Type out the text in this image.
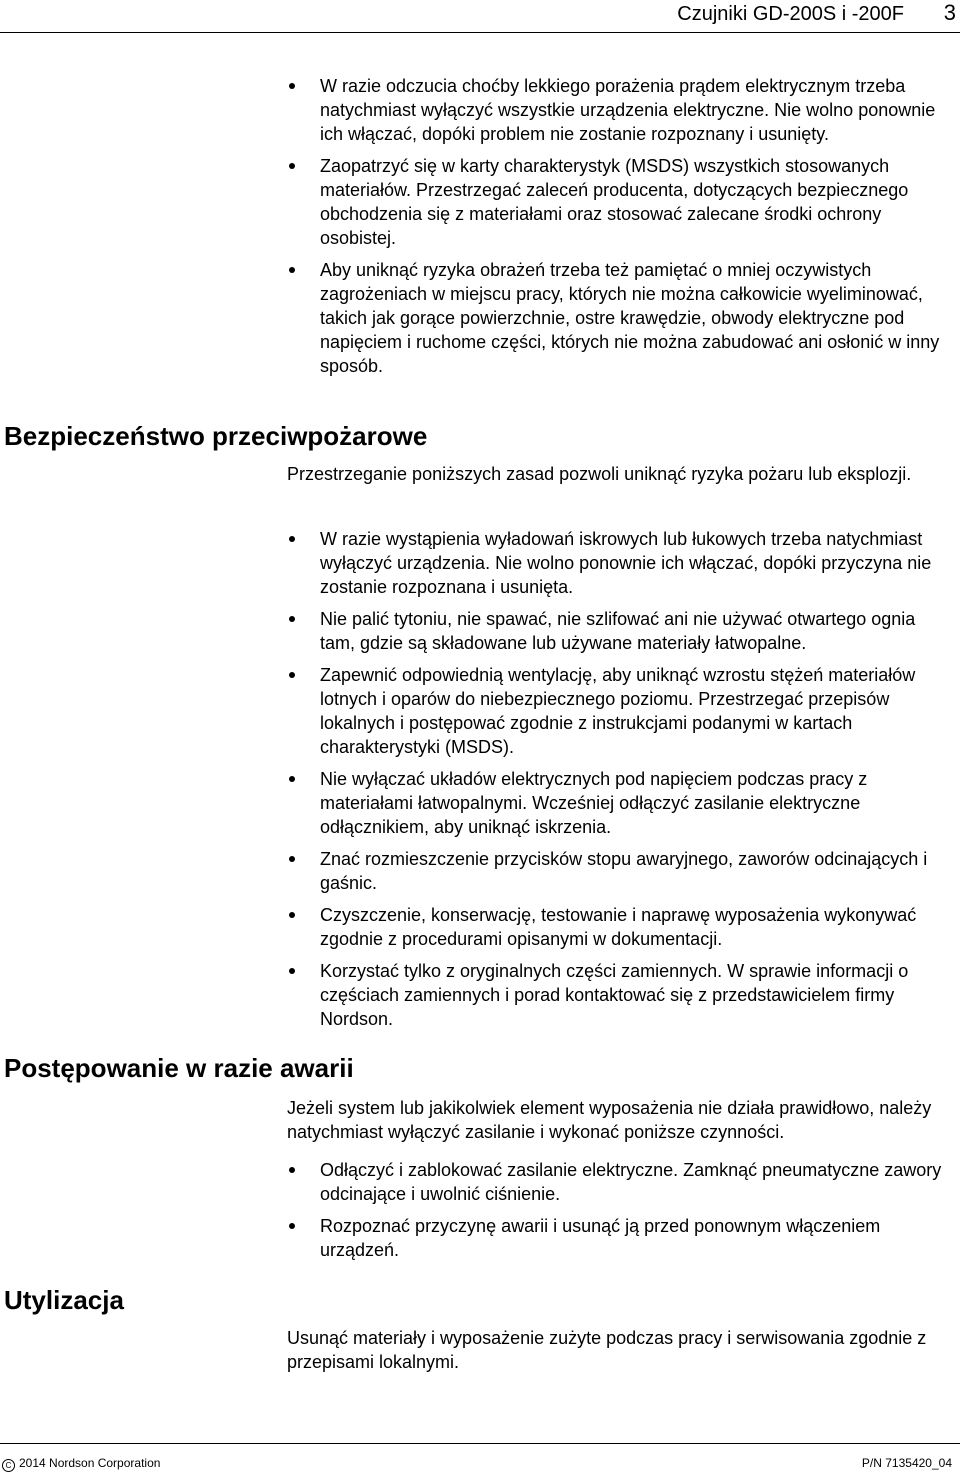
Czujniki GD-200S i -200F 3
W razie odczucia choćby lekkiego porażenia prądem elektrycznym trzeba natychmiast wyłączyć wszystkie urządzenia elektryczne. Nie wolno ponownie ich włączać, dopóki problem nie zostanie rozpoznany i usunięty.
Zaopatrzyć się w karty charakterystyk (MSDS) wszystkich stosowanych materiałów. Przestrzegać zaleceń producenta, dotyczących bezpiecznego obchodzenia się z materiałami oraz stosować zalecane środki ochrony osobistej.
Aby uniknąć ryzyka obrażeń trzeba też pamiętać o mniej oczywistych zagrożeniach w miejscu pracy, których nie można całkowicie wyeliminować, takich jak gorące powierzchnie, ostre krawędzie, obwody elektryczne pod napięciem i ruchome części, których nie można zabudować ani osłonić w inny sposób.
Bezpieczeństwo przeciwpożarowe
Przestrzeganie poniższych zasad pozwoli uniknąć ryzyka pożaru lub eksplozji.
W razie wystąpienia wyładowań iskrowych lub łukowych trzeba natychmiast wyłączyć urządzenia. Nie wolno ponownie ich włączać, dopóki przyczyna nie zostanie rozpoznana i usunięta.
Nie palić tytoniu, nie spawać, nie szlifować ani nie używać otwartego ognia tam, gdzie są składowane lub używane materiały łatwopalne.
Zapewnić odpowiednią wentylację, aby uniknąć wzrostu stężeń materiałów lotnych i oparów do niebezpiecznego poziomu. Przestrzegać przepisów lokalnych i postępować zgodnie z instrukcjami podanymi w kartach charakterystyki (MSDS).
Nie wyłączać układów elektrycznych pod napięciem podczas pracy z materiałami łatwopalnymi. Wcześniej odłączyć zasilanie elektryczne odłącznikiem, aby uniknąć iskrzenia.
Znać rozmieszczenie przycisków stopu awaryjnego, zaworów odcinających i gaśnic.
Czyszczenie, konserwację, testowanie i naprawę wyposażenia wykonywać zgodnie z procedurami opisanymi w dokumentacji.
Korzystać tylko z oryginalnych części zamiennych. W sprawie informacji o częściach zamiennych i porad kontaktować się z przedstawicielem firmy Nordson.
Postępowanie w razie awarii
Jeżeli system lub jakikolwiek element wyposażenia nie działa prawidłowo, należy natychmiast wyłączyć zasilanie i wykonać poniższe czynności.
Odłączyć i zablokować zasilanie elektryczne. Zamknąć pneumatyczne zawory odcinające i uwolnić ciśnienie.
Rozpoznać przyczynę awarii i usunąć ją przed ponownym włączeniem urządzeń.
Utylizacja
Usunąć materiały i wyposażenie zużyte podczas pracy i serwisowania zgodnie z przepisami lokalnymi.
C 2014 Nordson Corporation	P/N 7135420_04
